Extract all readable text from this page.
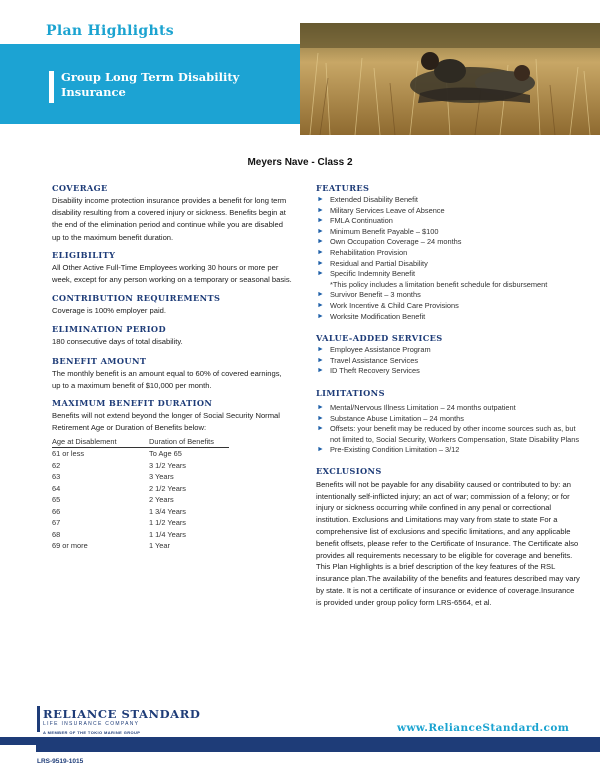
Plan Highlights
Group Long Term Disability Insurance
Meyers Nave - Class 2
COVERAGE

Disability income protection insurance provides a benefit for long term disability resulting from a covered injury or sickness. Benefits begin at the end of the elimination period and continue while you are disabled up to the maximum benefit duration.

ELIGIBILITY

All Other Active Full-Time Employees working 30 hours or more per week, except for any person working on a temporary or seasonal basis.

CONTRIBUTION REQUIREMENTS

Coverage is 100% employer paid.

ELIMINATION PERIOD

180 consecutive days of total disability.

BENEFIT AMOUNT

The monthly benefit is an amount equal to 60% of covered earnings, up to a maximum benefit of $10,000 per month.

MAXIMUM BENEFIT DURATION

Benefits will not extend beyond the longer of Social Security Normal Retirement Age or Duration of Benefits below:

Age at Disablement	Duration of Benefits
61 or less	To Age 65
62	3 1/2 Years
63	3 Years
64	2 1/2 Years
65	2 Years
66	1 3/4 Years
67	1 1/2 Years
68	1 1/4 Years
69 or more	1 Year
FEATURES
► Extended Disability Benefit
► Military Services Leave of Absence
► FMLA Continuation
► Minimum Benefit Payable – $100
► Own Occupation Coverage – 24 months
► Rehabilitation Provision
► Residual and Partial Disability
► Specific Indemnity Benefit
*This policy includes a limitation benefit schedule for disbursement
► Survivor Benefit – 3 months
► Work Incentive & Child Care Provisions
► Worksite Modification Benefit
VALUE-ADDED SERVICES
► Employee Assistance Program
► Travel Assistance Services
► ID Theft Recovery Services
LIMITATIONS
► Mental/Nervous Illness Limitation – 24 months outpatient
► Substance Abuse Limitation – 24 months
► Offsets: your benefit may be reduced by other income sources such as, but not limited to, Social Security, Workers Compensation, State Disability Plans
► Pre-Existing Condition Limitation – 3/12
EXCLUSIONS

Benefits will not be payable for any disability caused or contributed to by: an intentionally self-inflicted injury; an act of war; commission of a felony; or for injury or sickness occurring while confined in any penal or correctional institution. Exclusions and Limitations may vary from state to state For a comprehensive list of exclusions and specific limitations, and any applicable benefit offsets, please refer to the Certificate of Insurance. The Certificate also provides all requirements necessary to be eligible for coverage and benefits. This Plan Highlights is a brief description of the key features of the RSL insurance plan.The availability of the benefits and features described may vary by state. It is not a certificate of insurance or evidence of coverage.Insurance is provided under group policy form LRS-6564, et al.

RELIANCE STANDARD
LIFE INSURANCE COMPANY
A MEMBER OF THE TOKIO MARINE GROUP	www.RelianceStandard.com
LRS-9519-1015
